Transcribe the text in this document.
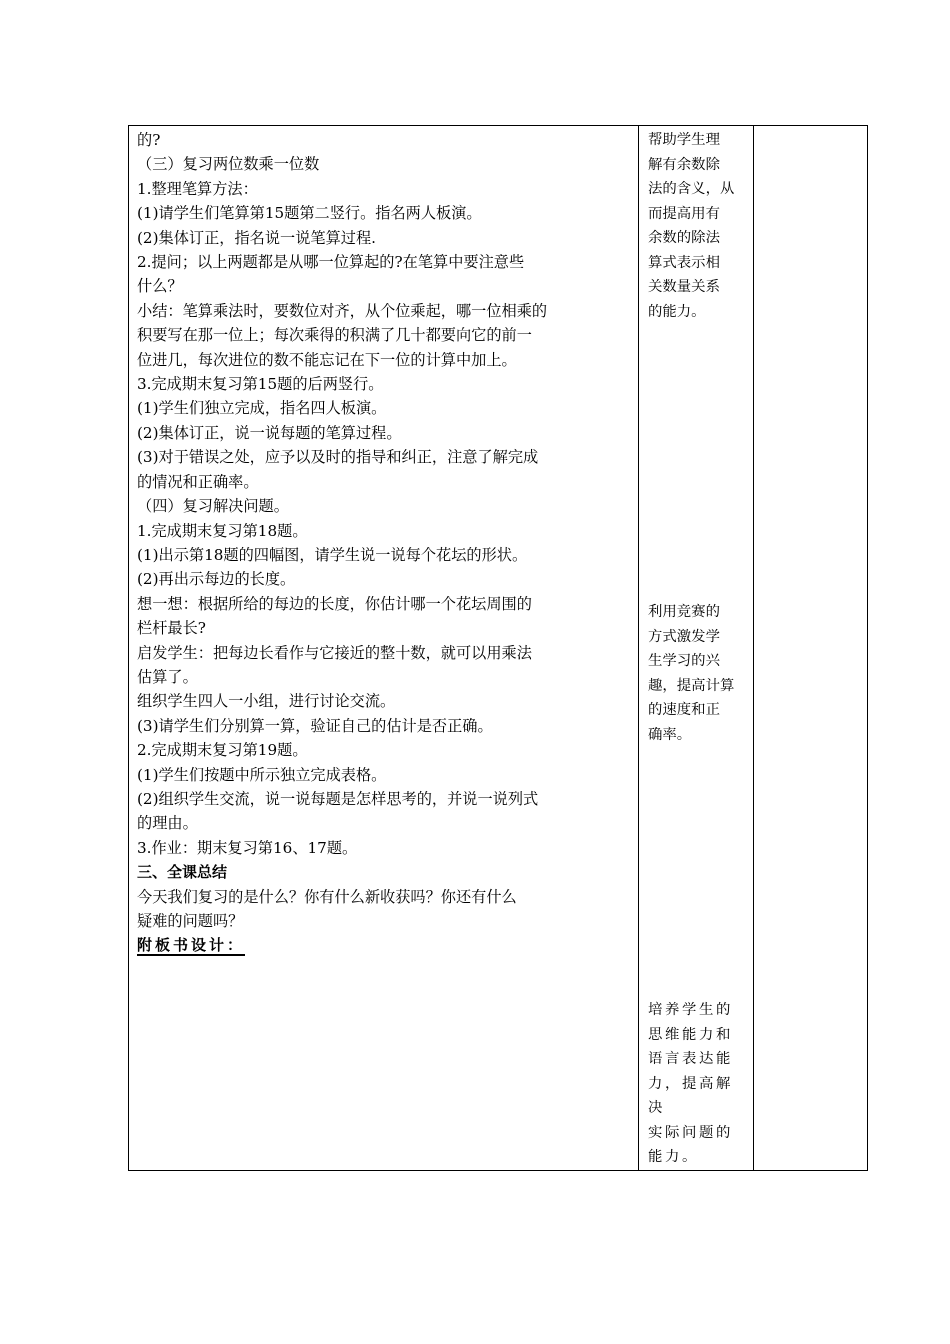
的?

（三）复习两位数乘一位数

1.整理笔算方法：

(1)请学生们笔算第15题第二竖行。指名两人板演。

(2)集体订正，指名说一说笔算过程.

2.提问；以上两题都是从哪一位算起的?在笔算中要注意些

什么？

小结：笔算乘法时，要数位对齐，从个位乘起，哪一位相乘的

积要写在那一位上；每次乘得的积满了几十都要向它的前一

位进几，每次进位的数不能忘记在下一位的计算中加上。

3.完成期末复习第15题的后两竖行。

(1)学生们独立完成，指名四人板演。

(2)集体订正，说一说每题的笔算过程。

(3)对于错误之处，应予以及时的指导和纠正，注意了解完成

的情况和正确率。

（四）复习解决问题。

1.完成期末复习第18题。

(1)出示第18题的四幅图，请学生说一说每个花坛的形状。

(2)再出示每边的长度。

想一想：根据所给的每边的长度，你估计哪一个花坛周围的

栏杆最长?

启发学生：把每边长看作与它接近的整十数，就可以用乘法

估算了。

组织学生四人一小组，进行讨论交流。

(3)请学生们分别算一算，验证自己的估计是否正确。

2.完成期末复习第19题。

(1)学生们按题中所示独立完成表格。

(2)组织学生交流，说一说每题是怎样思考的，并说一说列式

的理由。

3.作业：期末复习第16、17题。

三、全课总结

今天我们复习的是什么？你有什么新收获吗？你还有什么

疑难的问题吗？

附板书设计：

帮助学生理

解有余数除

法的含义，从

而提高用有

余数的除法

算式表示相

关数量关系

的能力。

利用竞赛的

方式激发学

生学习的兴

趣，提高计算

的速度和正

确率。

培养学生的

思维能力和

语言表达能

力，提高解决

实际问题的

能力。
